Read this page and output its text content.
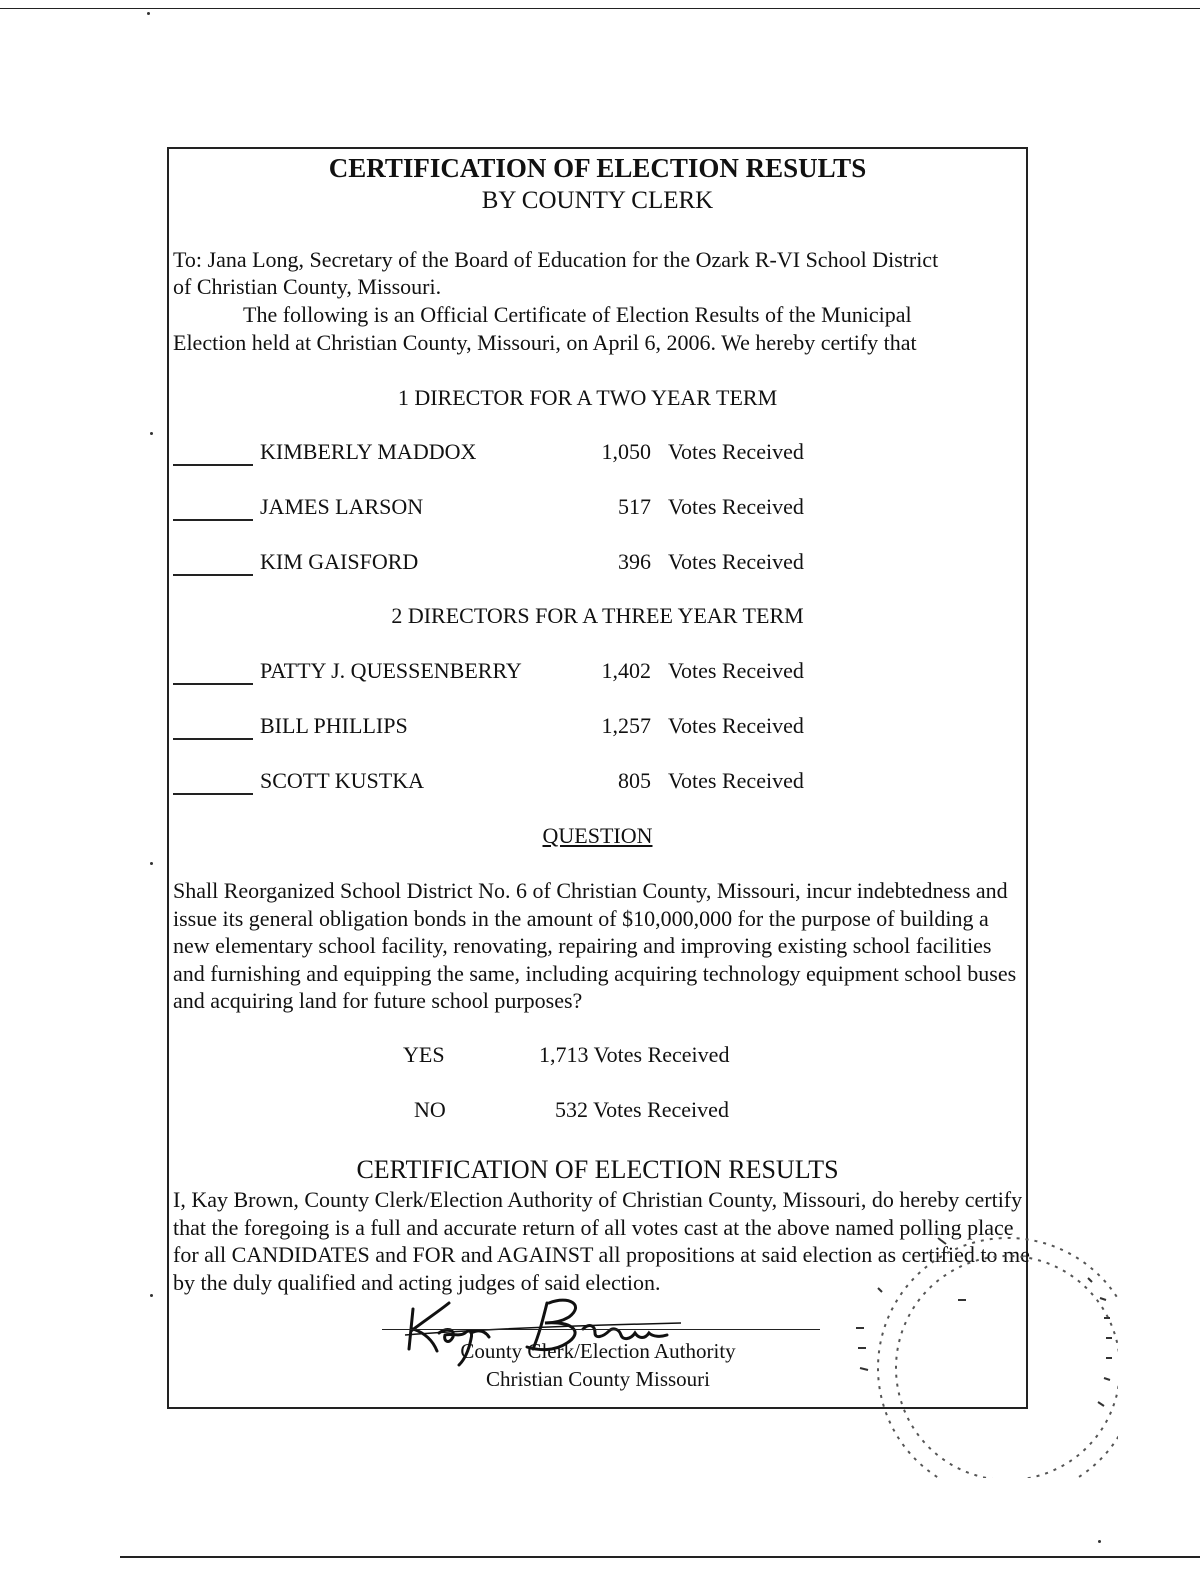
CERTIFICATION OF ELECTION RESULTS
BY COUNTY CLERK
To: Jana Long, Secretary of the Board of Education for the Ozark R-VI School District
of Christian County, Missouri.
The following is an Official Certificate of Election Results of the Municipal
Election held at Christian County, Missouri, on April 6, 2006. We hereby certify that
1 DIRECTOR FOR A TWO YEAR TERM
KIMBERLY MADDOX	1,050 Votes Received
JAMES LARSON	517 Votes Received
KIM GAISFORD	396 Votes Received
2 DIRECTORS FOR A THREE YEAR TERM
PATTY J. QUESSENBERRY	1,402 Votes Received
BILL PHILLIPS	1,257 Votes Received
SCOTT KUSTKA	805 Votes Received
QUESTION
Shall Reorganized School District No. 6 of Christian County, Missouri, incur indebtedness and issue its general obligation bonds in the amount of $10,000,000 for the purpose of building a new elementary school facility, renovating, repairing and improving existing school facilities and furnishing and equipping the same, including acquiring technology equipment school buses and acquiring land for future school purposes?
YES	1,713 Votes Received
NO	532 Votes Received
CERTIFICATION OF ELECTION RESULTS
I, Kay Brown, County Clerk/Election Authority of Christian County, Missouri, do hereby certify that the foregoing is a full and accurate return of all votes cast at the above named polling place for all CANDIDATES and FOR and AGAINST all propositions at said election as certified to me by the duly qualified and acting judges of said election.
County Clerk/Election Authority
Christian County Missouri
